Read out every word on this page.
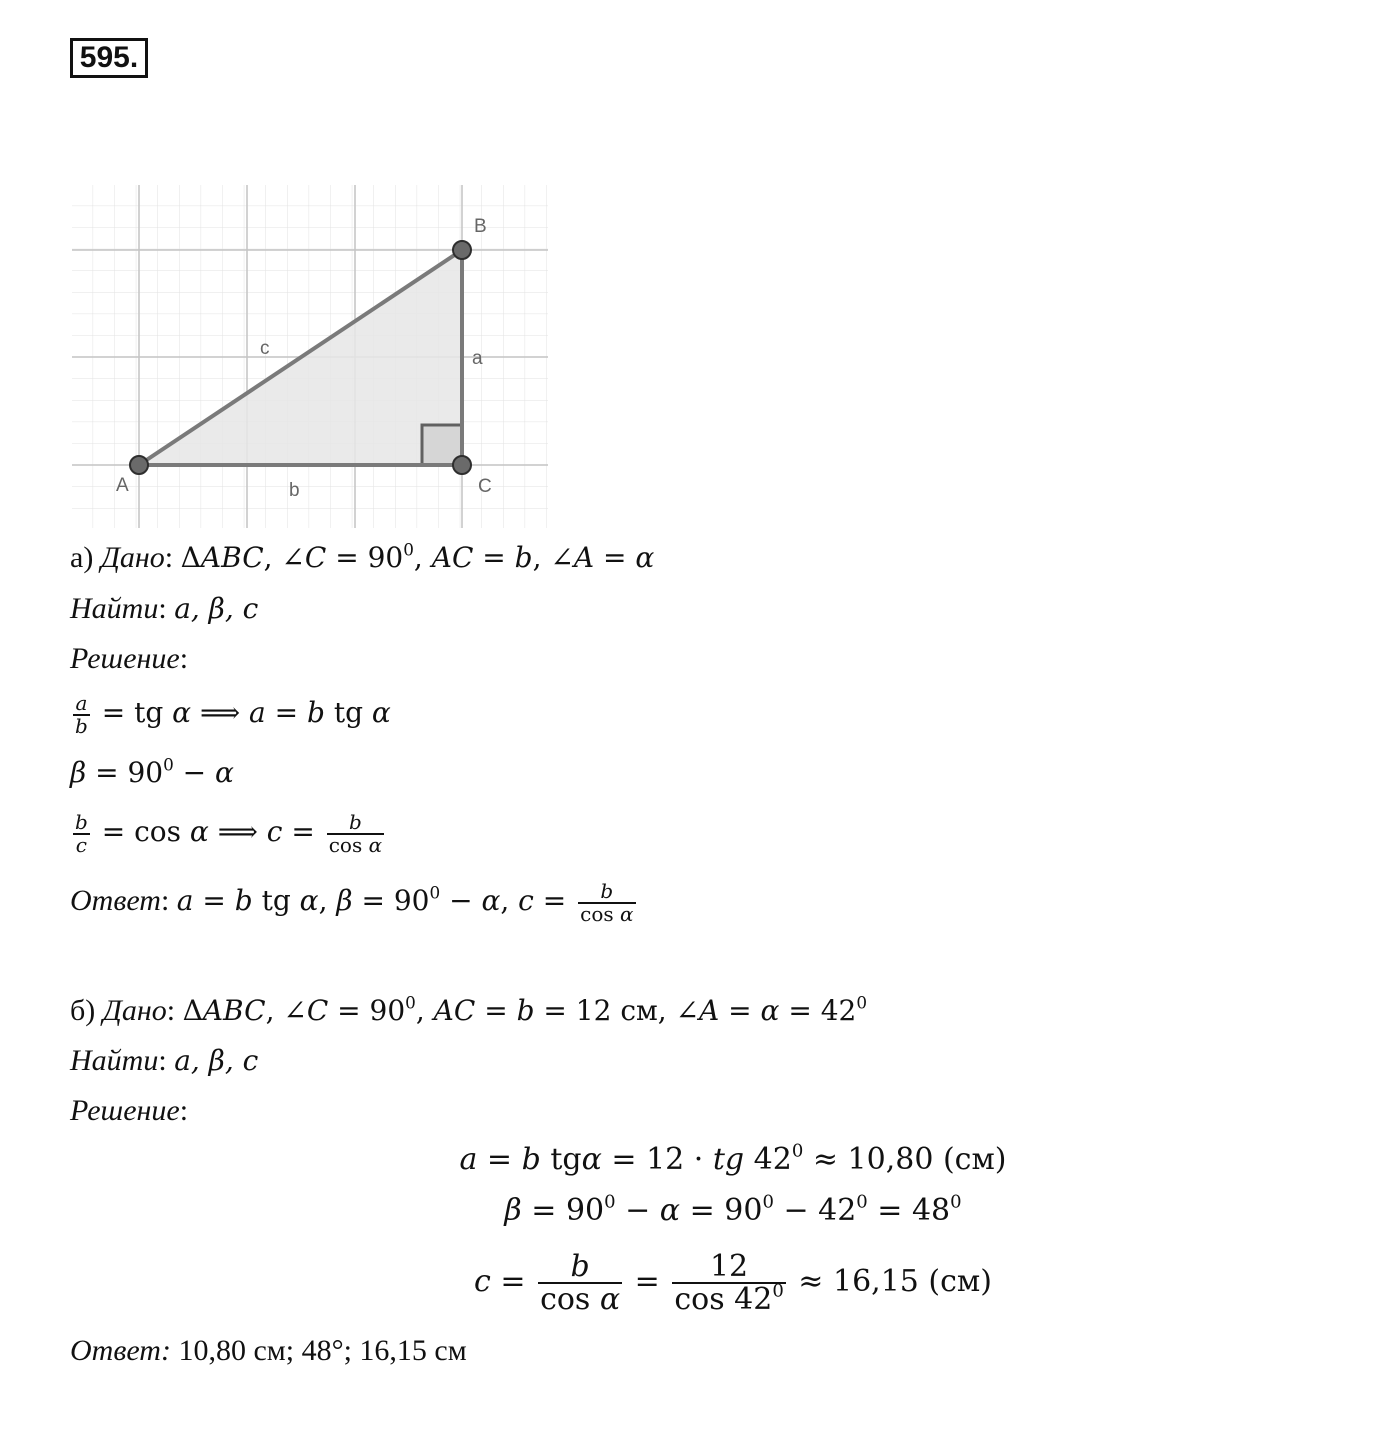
595.
A
B
C
a
b
c
а) Дано: ΔABC, ∠C = $90^0$, AC = b, ∠A = α
Найти: a, β, c
Решение:
$\frac{a}{b}$ = tg α ⟹ a = b tg α
$\beta = 90^0 - \alpha$
$\frac{b}{c} = \cos \alpha$ ⟹ $c = \frac{b}{\text{cos α}}$
Ответ: a = b tg α, $\beta = 90^0 - \alpha$, $c = \frac{b}{\text{cos α}}$
б) Дано: ΔABC, ∠C = $90^0$, AC = b = 12 см, ∠A = $\alpha = 42^0$
Найти: a, β, c
Решение:
a = b tgα = 12 · tg $42^0 \approx 10,80$ (см)
$\beta = 90^0 - \alpha = 90^0 - 42^0 = 48^0$
$c = \frac{b}{\text{cos α}} = \frac{12}{\cos 42^0} \approx 16,15$ (см)
Ответ: 10,80 см; 48°; 16,15 см
